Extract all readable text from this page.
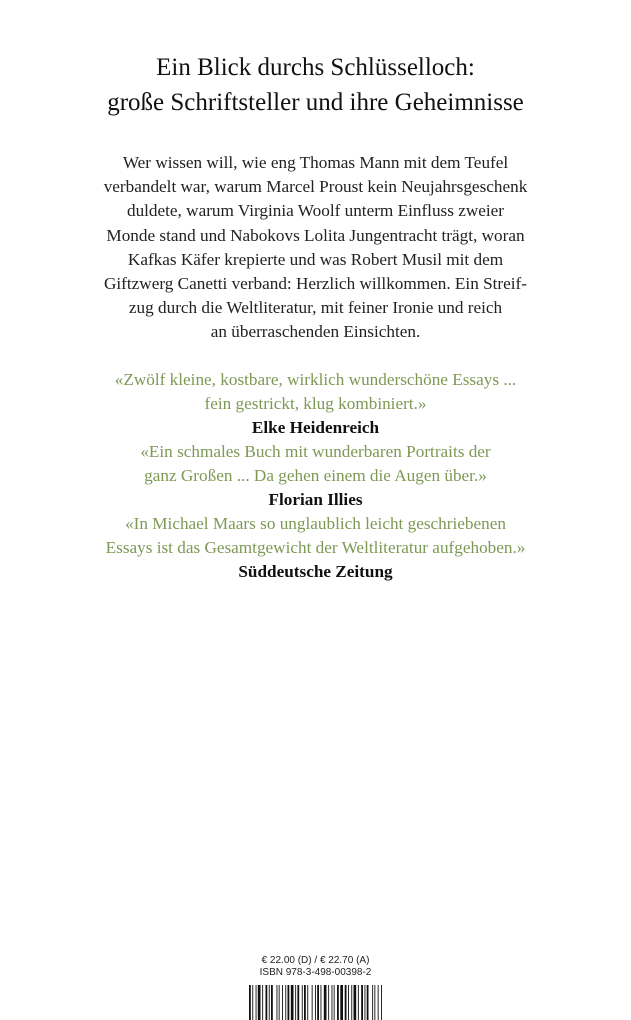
Ein Blick durchs Schlüsselloch:
große Schriftsteller und ihre Geheimnisse
Wer wissen will, wie eng Thomas Mann mit dem Teufel
verbandelt war, warum Marcel Proust kein Neujahrsgeschenk
duldete, warum Virginia Woolf unterm Einfluss zweier
Monde stand und Nabokovs Lolita Jungentracht trägt, woran
Kafkas Käfer krepierte und was Robert Musil mit dem
Giftzwerg Canetti verband: Herzlich willkommen. Ein Streif-
zug durch die Weltliteratur, mit feiner Ironie und reich
an überraschenden Einsichten.
«Zwölf kleine, kostbare, wirklich wunderschöne Essays ...
fein gestrickt, klug kombiniert.»
Elke Heidenreich
«Ein schmales Buch mit wunderbaren Portraits der
ganz Großen ... Da gehen einem die Augen über.»
Florian Illies
«In Michael Maars so unglaublich leicht geschriebenen
Essays ist das Gesamtgewicht der Weltliteratur aufgehoben.»
Süddeutsche Zeitung
€ 22.00 (D) / € 22.70 (A)
ISBN 978-3-498-00398-2
